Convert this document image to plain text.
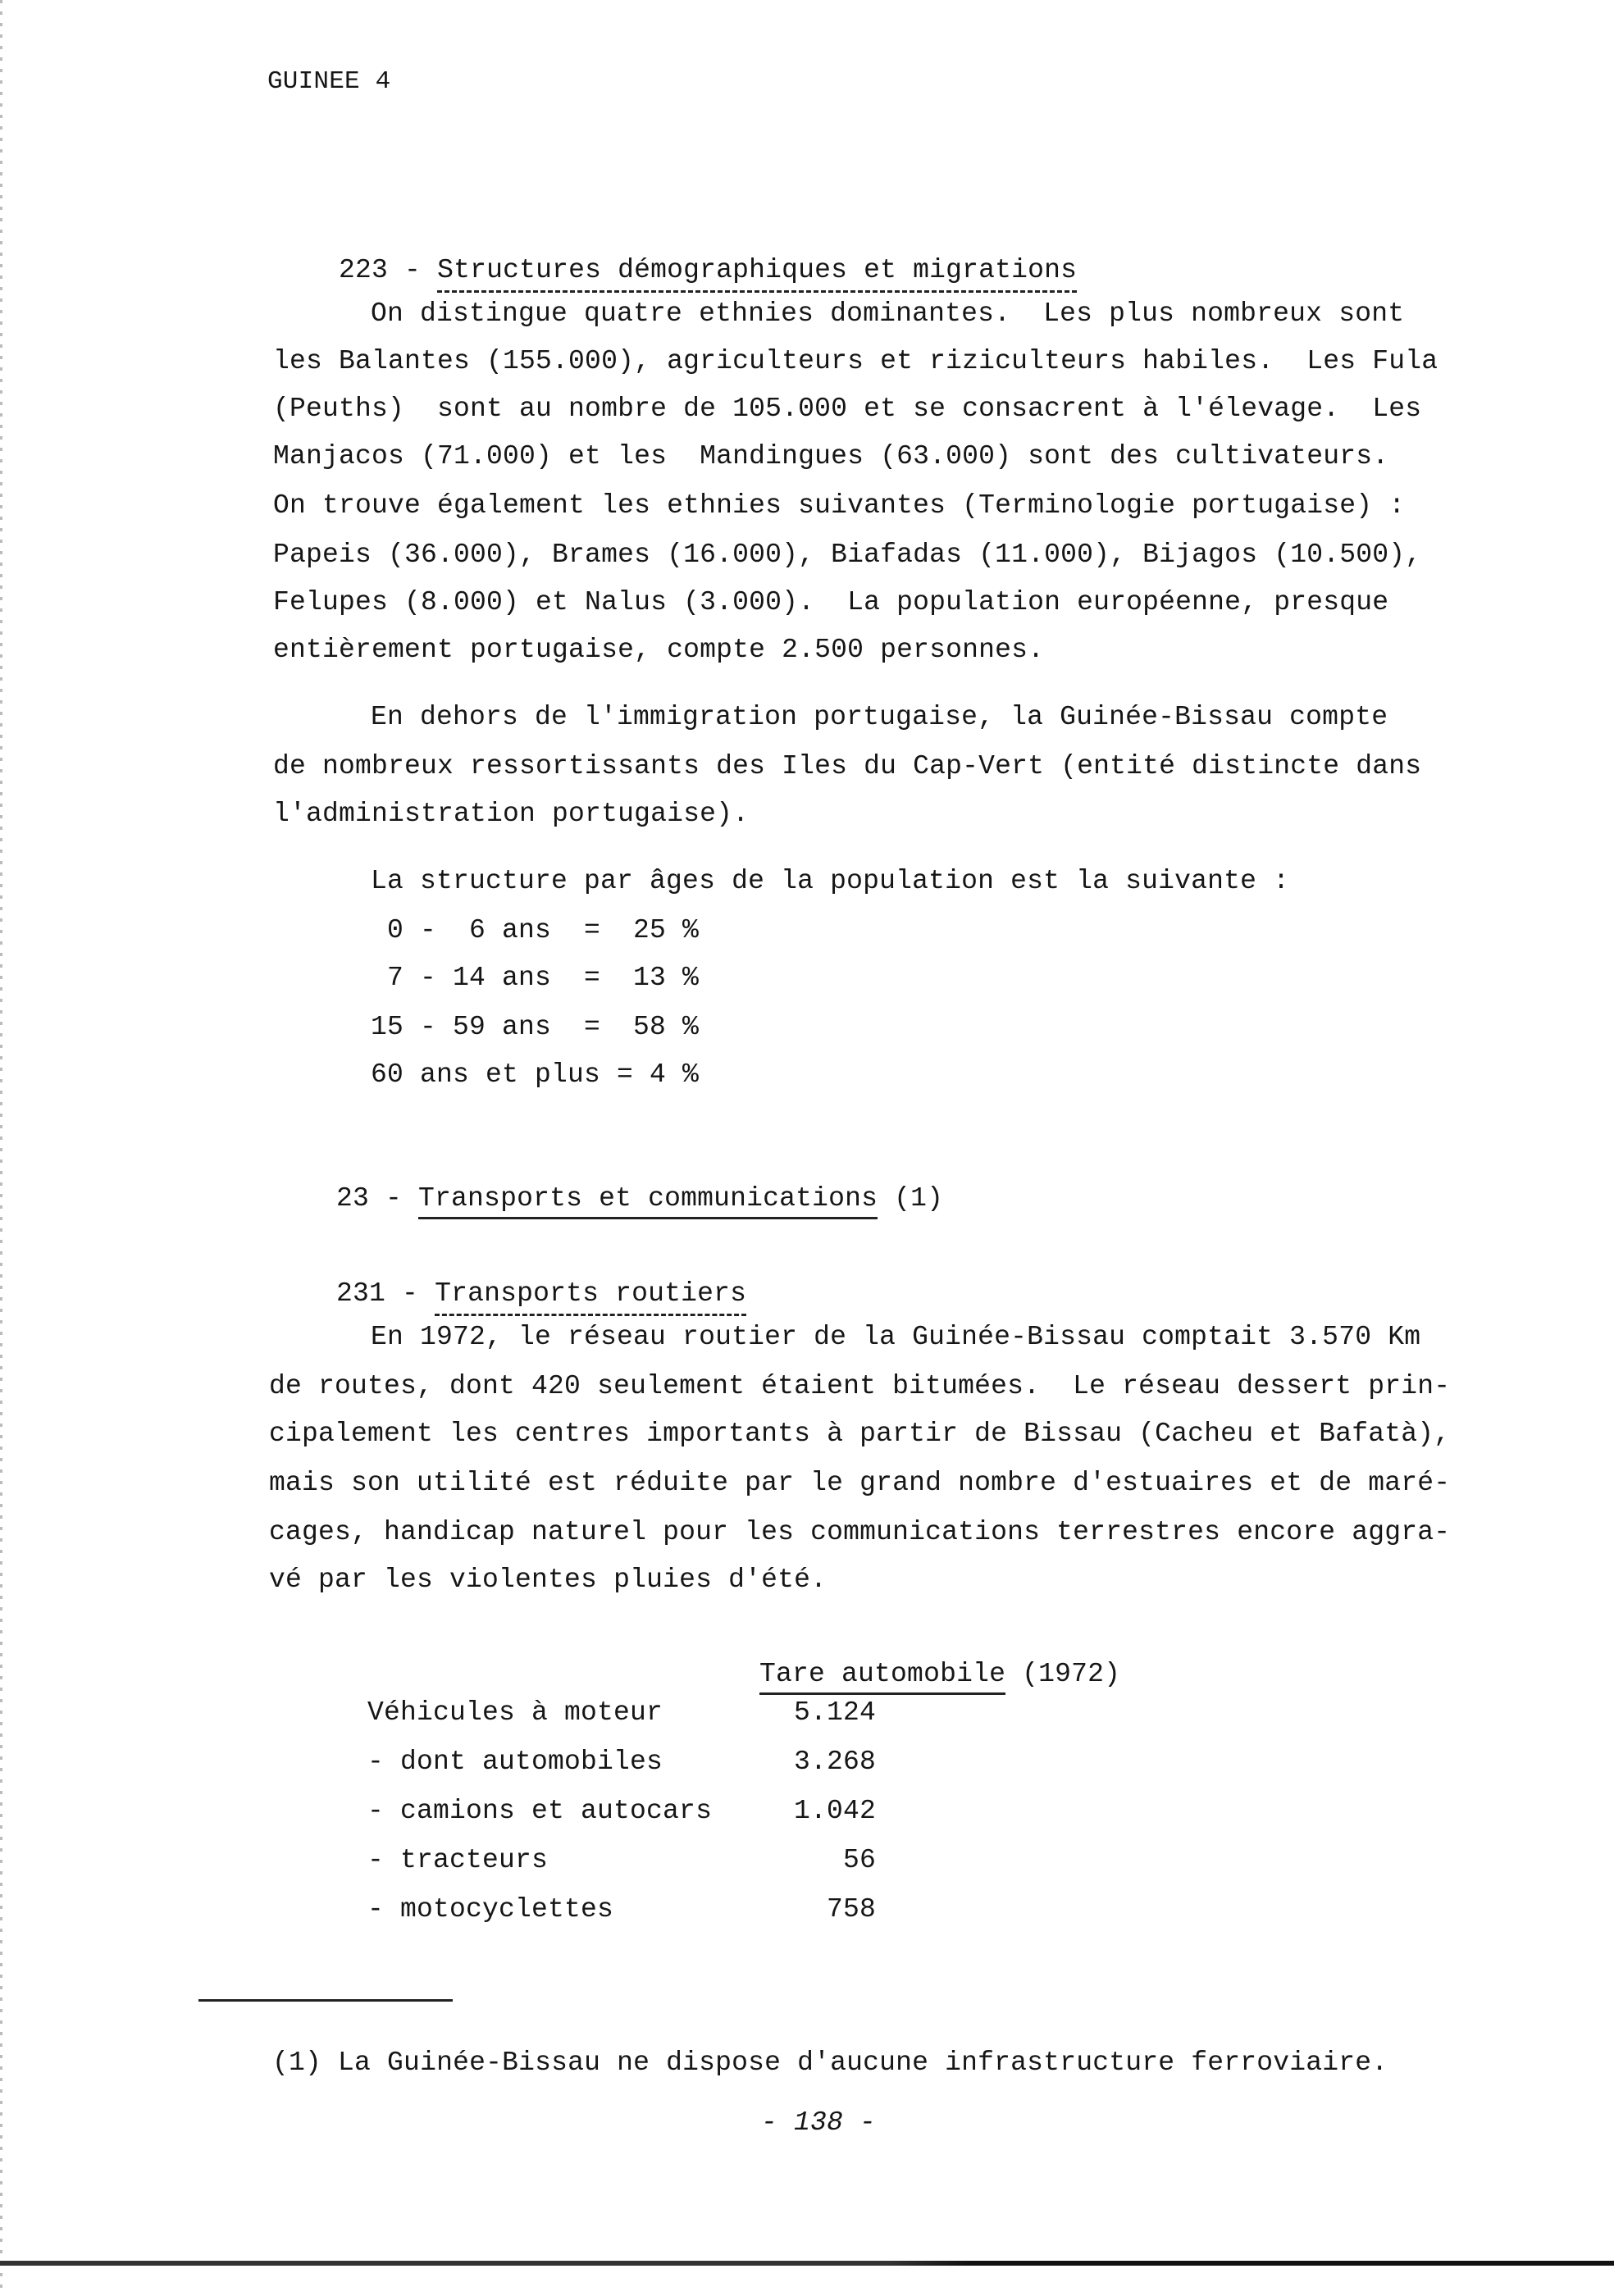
GUINEE 4

223 - Structures démographiques et migrations

On distingue quatre ethnies dominantes.  Les plus nombreux sont
les Balantes (155.000), agriculteurs et riziculteurs habiles.  Les Fula
(Peuths)  sont au nombre de 105.000 et se consacrent à l'élevage.  Les
Manjacos (71.000) et les  Mandingues (63.000) sont des cultivateurs.
On trouve également les ethnies suivantes (Terminologie portugaise) :
Papeis (36.000), Brames (16.000), Biafadas (11.000), Bijagos (10.500),
Felupes (8.000) et Nalus (3.000).  La population européenne, presque
entièrement portugaise, compte 2.500 personnes.
En dehors de l'immigration portugaise, la Guinée-Bissau compte
de nombreux ressortissants des Iles du Cap-Vert (entité distincte dans
l'administration portugaise).
La structure par âges de la population est la suivante :
0 -  6 ans  =  25 %
7 - 14 ans  =  13 %
15 - 59 ans  =  58 %
60 ans et plus = 4 %

23 - Transports et communications (1)

231 - Transports routiers

En 1972, le réseau routier de la Guinée-Bissau comptait 3.570 Km
de routes, dont 420 seulement étaient bitumées.  Le réseau dessert prin-
cipalement les centres importants à partir de Bissau (Cacheu et Bafatà),
mais son utilité est réduite par le grand nombre d'estuaires et de maré-
cages, handicap naturel pour les communications terrestres encore aggra-
vé par les violentes pluies d'été.

Tare automobile (1972)

Véhicules à moteur	5.124
- dont automobiles	3.268
- camions et autocars	1.042
- tracteurs	56
- motocyclettes	758

(1) La Guinée-Bissau ne dispose d'aucune infrastructure ferroviaire.

- 138 -
